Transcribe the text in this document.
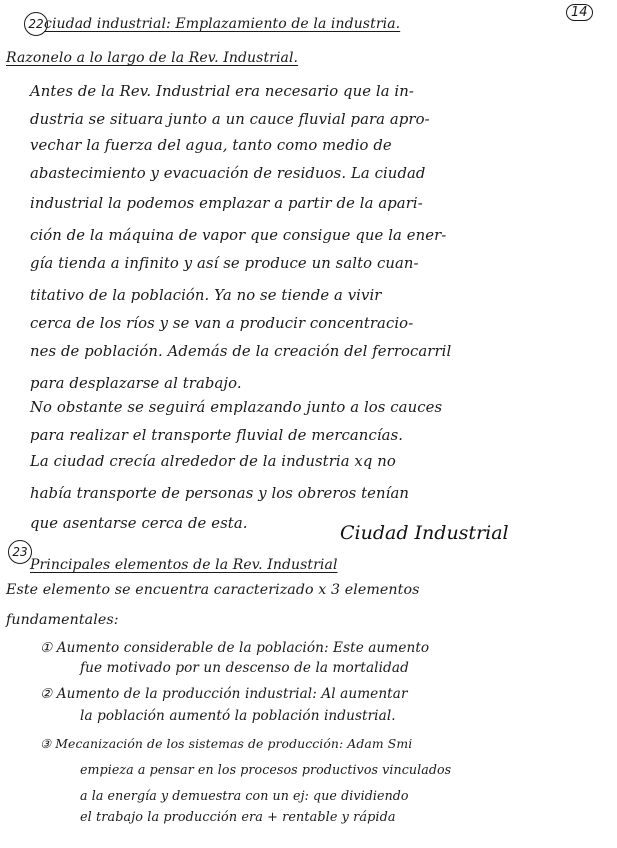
22 ciudad industrial: Emplazamiento de la industria.
14
Razonelo a lo largo de la Rev. Industrial.
Antes de la Rev. Industrial era necesario que la in-
dustria se situara junto a un cauce fluvial para apro-
vechar la fuerza del agua, tanto como medio de
abastecimiento y evacuación de residuos. La ciudad
industrial la podemos emplazar a partir de la apari-
ción de la máquina de vapor que consigue que la ener-
gía tienda a infinito y así se produce un salto cuan-
titativo de la población. Ya no se tiende a vivir
cerca de los ríos y se van a producir concentracio-
nes de población. Además de la creación del ferrocarril
para desplazarse al trabajo.
No obstante se seguirá emplazando junto a los cauces
para realizar el transporte fluvial de mercancías.
La ciudad crecía alrededor de la industria xq no
había transporte de personas y los obreros tenían
que asentarse cerca de esta.	Ciudad Industrial
23
Principales elementos de la Rev. Industrial
Este elemento se encuentra caracterizado x 3 elementos
fundamentales:
① Aumento considerable de la población: Este aumento
fue motivado por un descenso de la mortalidad
② Aumento de la producción industrial: Al aumentar
la población aumentó la población industrial.
③ Mecanización de los sistemas de producción: Adam Smi
empieza a pensar en los procesos productivos vinculados
a la energía y demuestra con un ej: que dividiendo
el trabajo la producción era + rentable y rápida
